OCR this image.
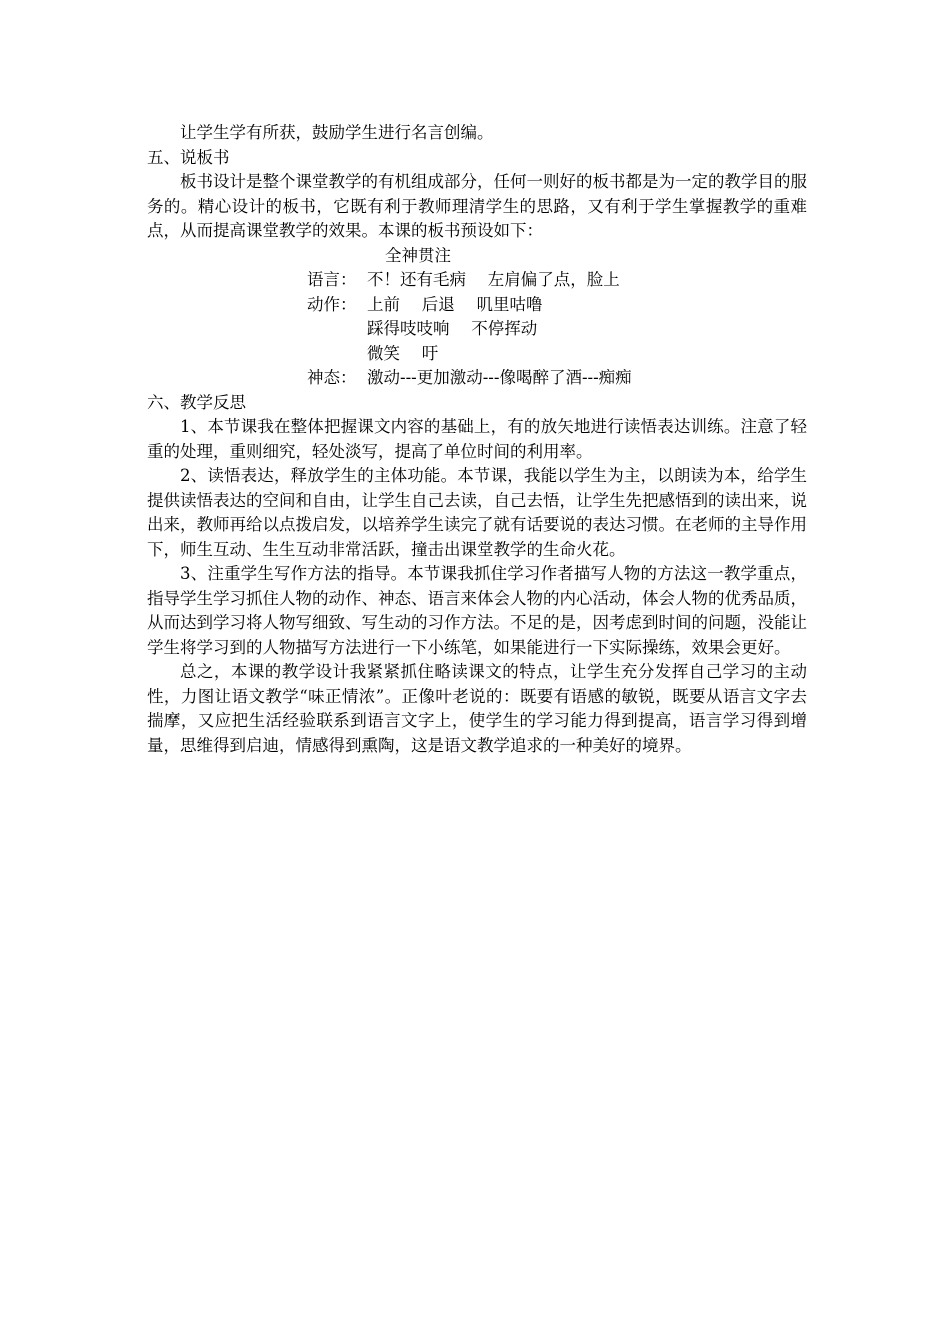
让学生学有所获，鼓励学生进行名言创编。

五、说板书

板书设计是整个课堂教学的有机组成部分，任何一则好的板书都是为一定的教学目的服务的。精心设计的板书，它既有利于教师理清学生的思路，又有利于学生掌握教学的重难点，从而提高课堂教学的效果。本课的板书预设如下：

全神贯注

语言： 不！还有毛病　 左肩偏了点，脸上
动作： 上前　 后退　 叽里咕噜
踩得吱吱响　 不停挥动
微笑　 吁
神态： 激动---更加激动---像喝醉了酒---痴痴

六、教学反思

1、本节课我在整体把握课文内容的基础上，有的放矢地进行读悟表达训练。注意了轻重的处理，重则细究，轻处淡写，提高了单位时间的利用率。

2、读悟表达，释放学生的主体功能。本节课，我能以学生为主，以朗读为本，给学生提供读悟表达的空间和自由，让学生自己去读，自己去悟，让学生先把感悟到的读出来，说出来，教师再给以点拨启发，以培养学生读完了就有话要说的表达习惯。在老师的主导作用下，师生互动、生生互动非常活跃，撞击出课堂教学的生命火花。

3、注重学生写作方法的指导。本节课我抓住学习作者描写人物的方法这一教学重点，指导学生学习抓住人物的动作、神态、语言来体会人物的内心活动，体会人物的优秀品质，从而达到学习将人物写细致、写生动的习作方法。不足的是，因考虑到时间的问题，没能让学生将学习到的人物描写方法进行一下小练笔，如果能进行一下实际操练，效果会更好。

总之，本课的教学设计我紧紧抓住略读课文的特点，让学生充分发挥自己学习的主动性，力图让语文教学“味正情浓”。正像叶老说的：既要有语感的敏锐，既要从语言文字去揣摩，又应把生活经验联系到语言文字上，使学生的学习能力得到提高，语言学习得到增量，思维得到启迪，情感得到熏陶，这是语文教学追求的一种美好的境界。
